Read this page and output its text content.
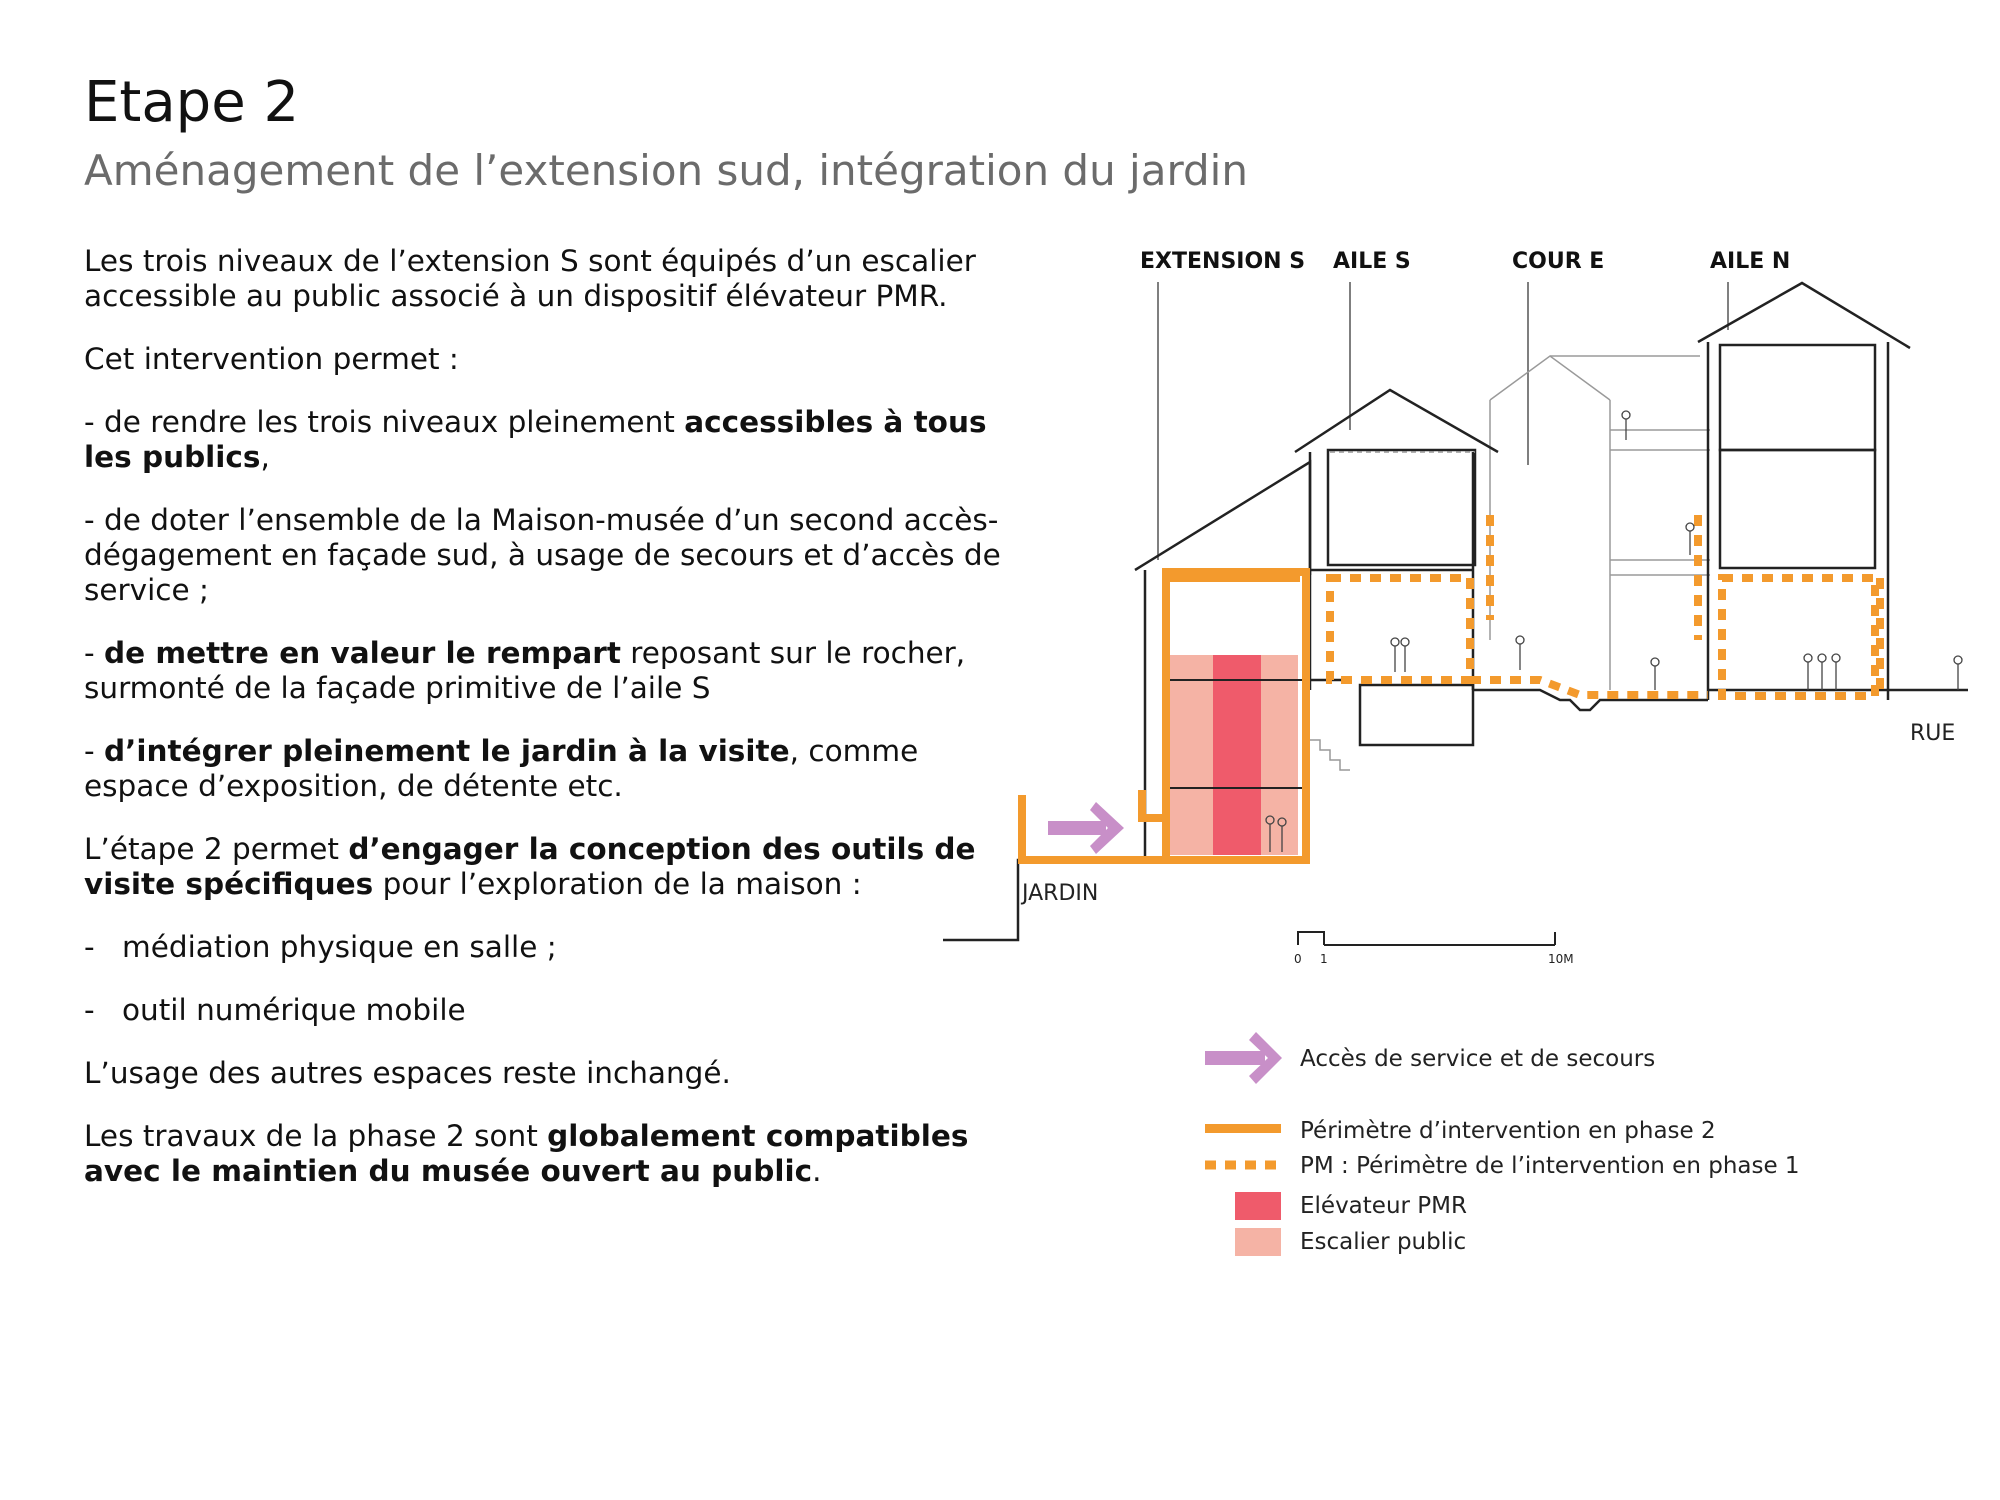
Etape 2
Aménagement de l’extension sud, intégration du jardin

Les trois niveaux de l’extension S sont équipés d’un escalier accessible au public associé à un dispositif élévateur PMR.

Cet intervention permet :

- de rendre les trois niveaux pleinement accessibles à tous les publics,

- de doter l’ensemble de la Maison-musée d’un second accès-dégagement en façade sud, à usage de secours et d’accès de service ;

- de mettre en valeur le rempart reposant sur le rocher, surmonté de la façade primitive de l’aile S

- d’intégrer pleinement le jardin à la visite, comme espace d’exposition, de détente etc.

L’étape 2 permet d’engager la conception des outils de visite spécifiques pour l’exploration de la maison :

- médiation physique en salle ;

- outil numérique mobile

L’usage des autres espaces reste inchangé.

Les travaux de la phase 2 sont globalement compatibles avec le maintien du musée ouvert au public.

EXTENSION S AILE S	COUR E	AILE N
JARDIN
RUE
0 1	10M
Accès de service et de secours
Périmètre d’intervention en phase 2
PM : Périmètre de l’intervention en phase 1
Elévateur PMR
Escalier public
